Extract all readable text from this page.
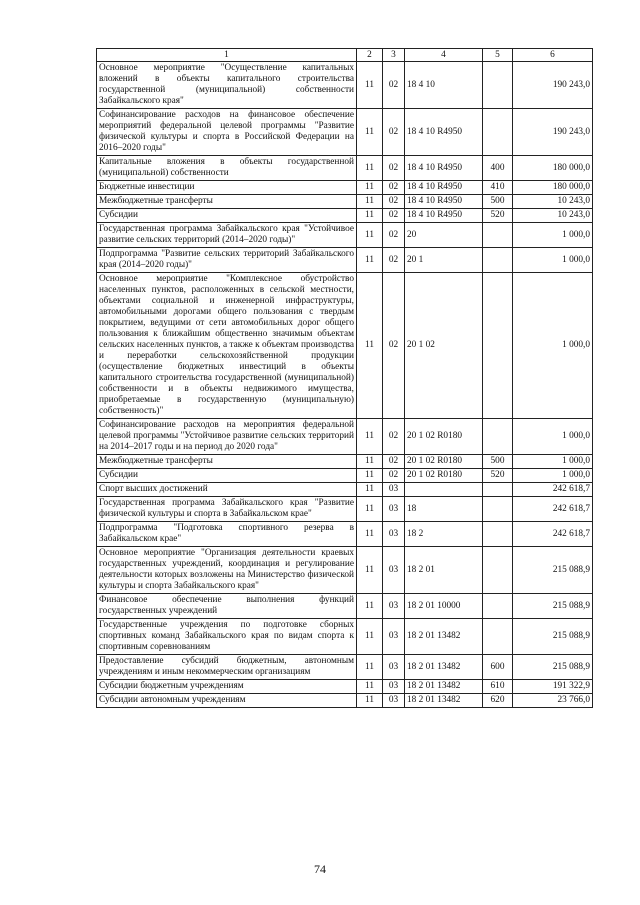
1	2	3	4	5	6
Основное мероприятие "Осуществление капитальных вложений в объекты капитального строительства государственной (муниципальной) собственности Забайкальского края"	11	02	18 4 10		190 243,0
Софинансирование расходов на финансовое обеспечение мероприятий федеральной целевой программы "Развитие физической культуры и спорта в Российской Федерации на 2016–2020 годы"	11	02	18 4 10 R4950		190 243,0
Капитальные вложения в объекты государственной (муниципальной) собственности	11	02	18 4 10 R4950	400	180 000,0
Бюджетные инвестиции	11	02	18 4 10 R4950	410	180 000,0
Межбюджетные трансферты	11	02	18 4 10 R4950	500	10 243,0
Субсидии	11	02	18 4 10 R4950	520	10 243,0
Государственная программа Забайкальского края "Устойчивое развитие сельских территорий (2014–2020 годы)"	11	02	20		1 000,0
Подпрограмма "Развитие сельских территорий Забайкальского края (2014–2020 годы)"	11	02	20 1		1 000,0
Основное мероприятие "Комплексное обустройство населенных пунктов, расположенных в сельской местности, объектами социальной и инженерной инфраструктуры, автомобильными дорогами общего пользования с твердым покрытием, ведущими от сети автомобильных дорог общего пользования к ближайшим общественно значимым объектам сельских населенных пунктов, а также к объектам производства и переработки сельскохозяйственной продукции (осуществление бюджетных инвестиций в объекты капитального строительства государственной (муниципальной) собственности и в объекты недвижимого имущества, приобретаемые в государственную (муниципальную) собственность)"	11	02	20 1 02		1 000,0
Софинансирование расходов на мероприятия федеральной целевой программы "Устойчивое развитие сельских территорий на 2014–2017 годы и на период до 2020 года"	11	02	20 1 02 R0180		1 000,0
Межбюджетные трансферты	11	02	20 1 02 R0180	500	1 000,0
Субсидии	11	02	20 1 02 R0180	520	1 000,0
Спорт высших достижений	11	03			242 618,7
Государственная программа Забайкальского края "Развитие физической культуры и спорта в Забайкальском крае"	11	03	18		242 618,7
Подпрограмма "Подготовка спортивного резерва в Забайкальском крае"	11	03	18 2		242 618,7
Основное мероприятие "Организация деятельности краевых государственных учреждений, координация и регулирование деятельности которых возложены на Министерство физической культуры и спорта Забайкальского края"	11	03	18 2 01		215 088,9
Финансовое обеспечение выполнения функций государственных учреждений	11	03	18 2 01 10000		215 088,9
Государственные учреждения по подготовке сборных спортивных команд Забайкальского края по видам спорта к спортивным соревнованиям	11	03	18 2 01 13482		215 088,9
Предоставление субсидий бюджетным, автономным учреждениям и иным некоммерческим организациям	11	03	18 2 01 13482	600	215 088,9
Субсидии бюджетным учреждениям	11	03	18 2 01 13482	610	191 322,9
Субсидии автономным учреждениям	11	03	18 2 01 13482	620	23 766,0
74
